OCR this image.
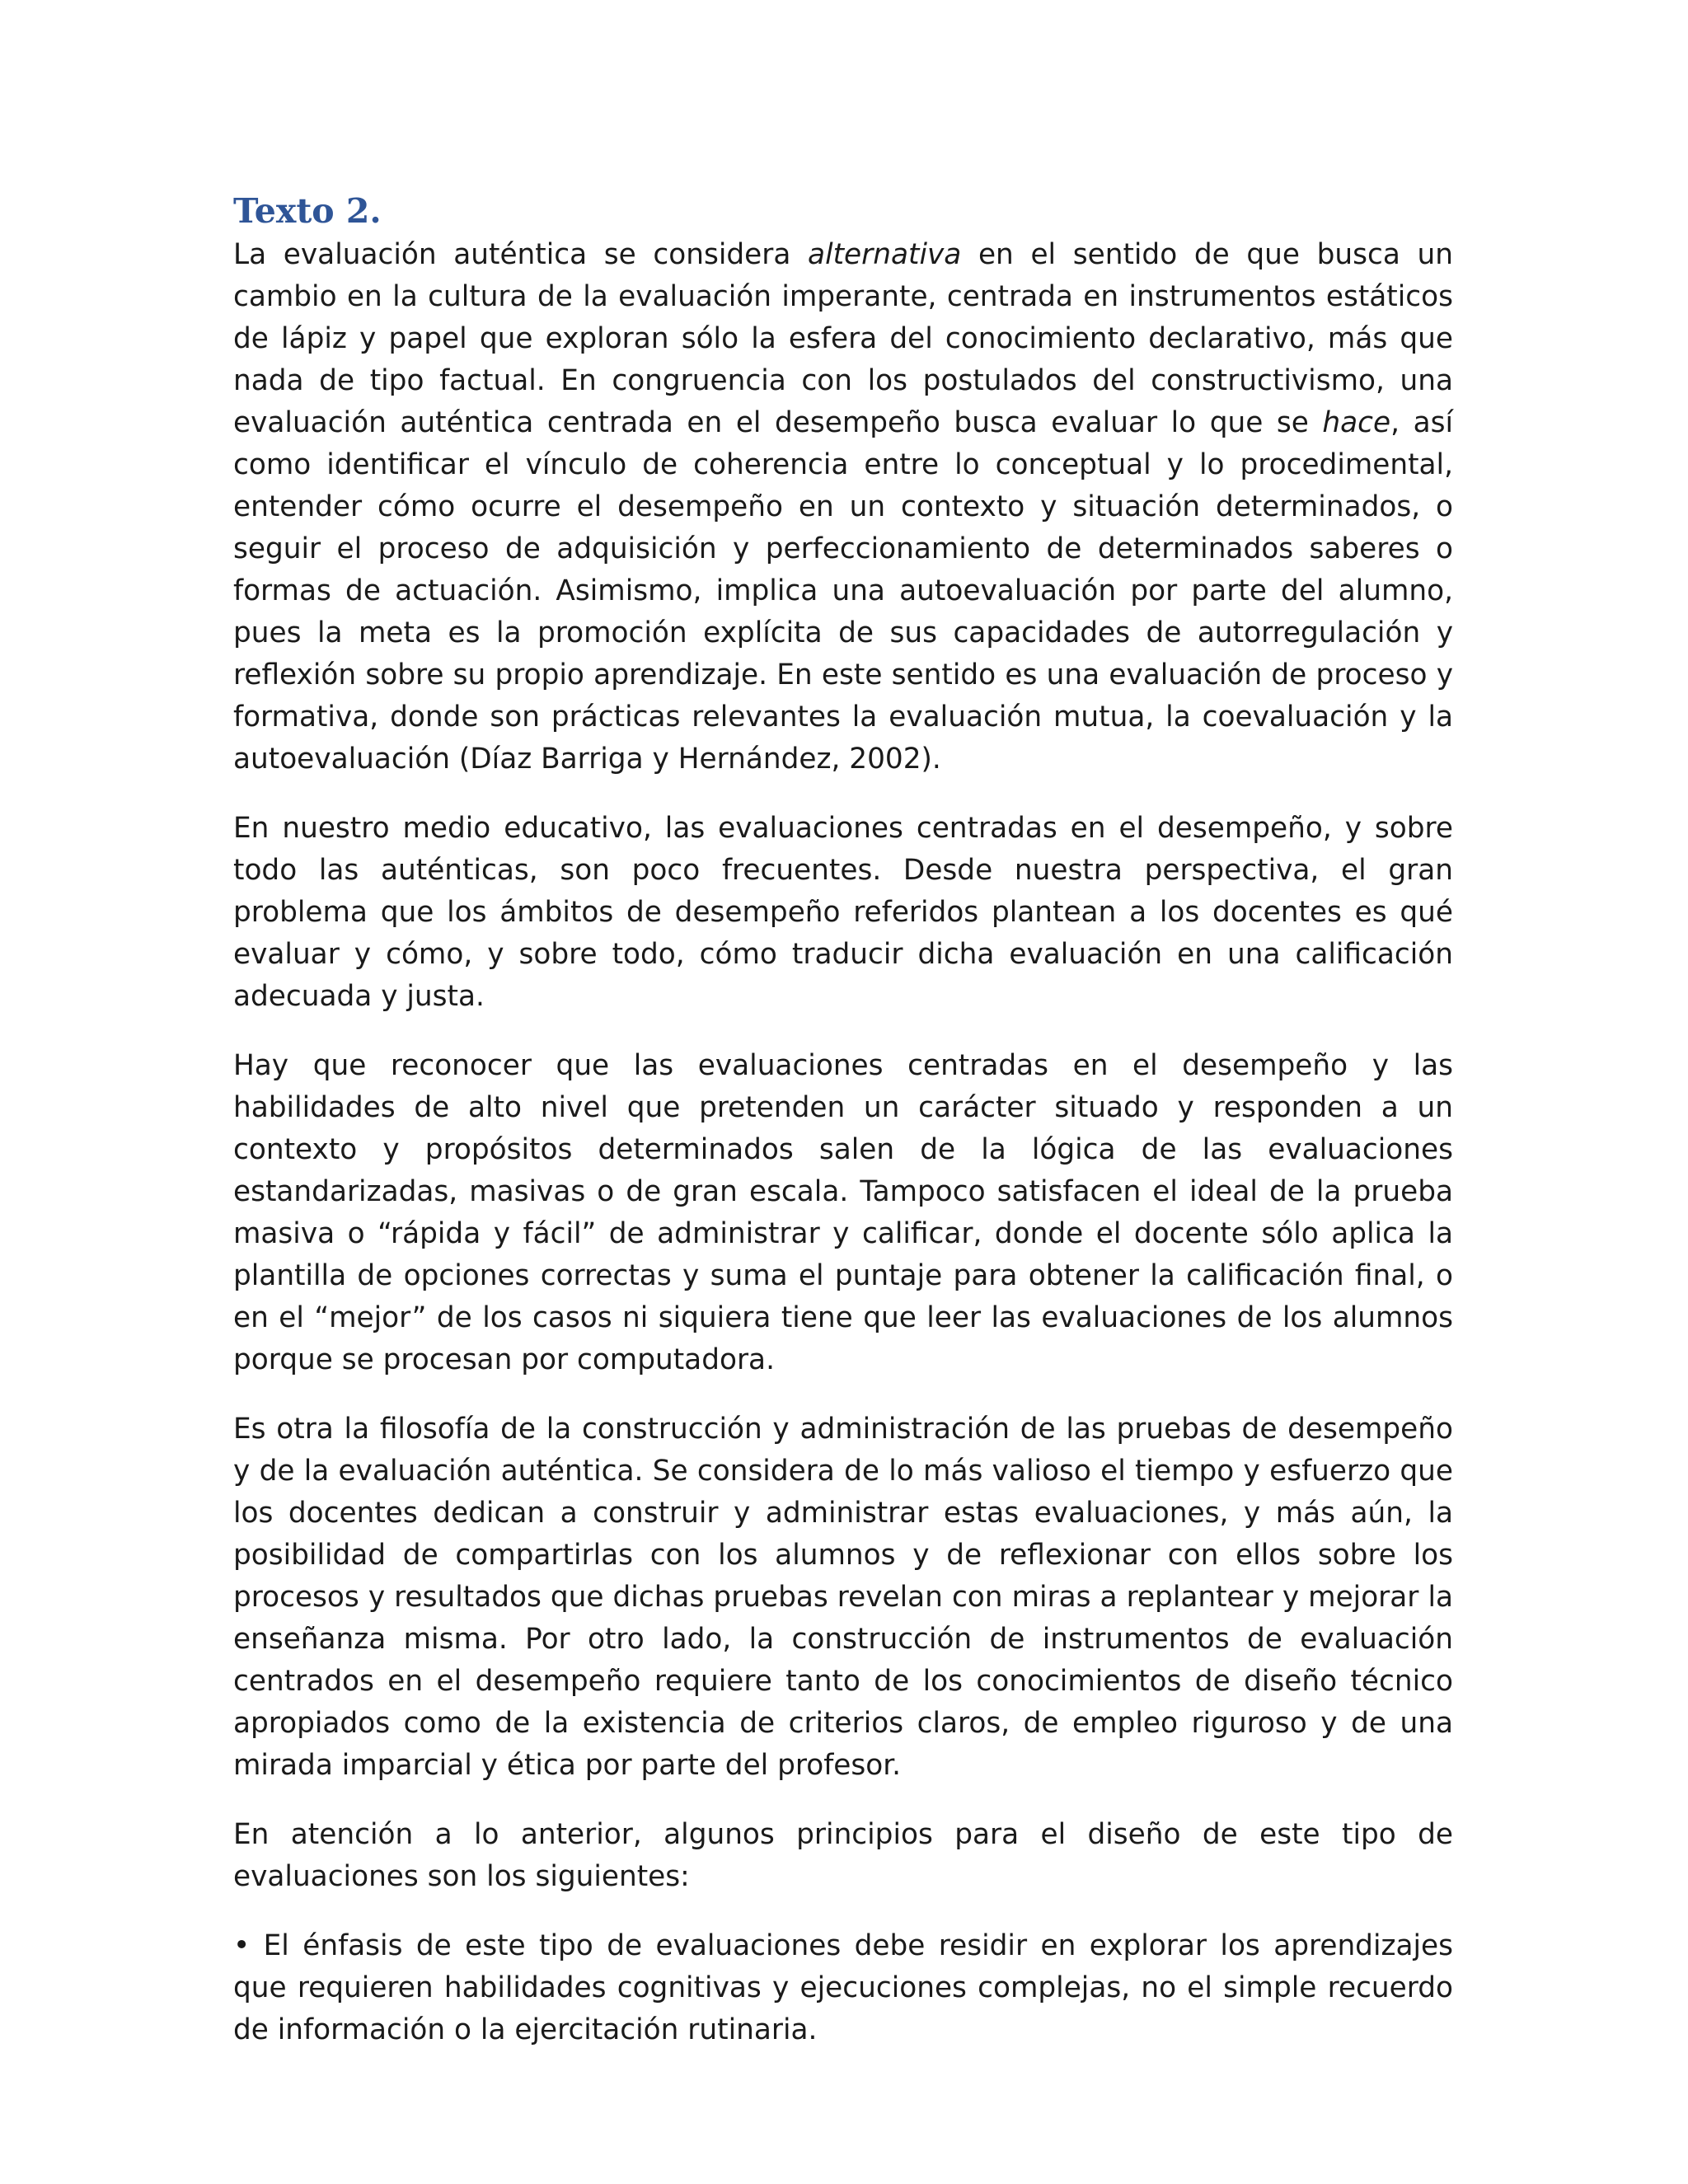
Texto 2.

La evaluación auténtica se considera alternativa en el sentido de que busca un cambio en la cultura de la evaluación imperante, centrada en instrumentos estáticos de lápiz y papel que exploran sólo la esfera del conocimiento declarativo, más que nada de tipo factual. En congruencia con los postulados del constructivismo, una evaluación auténtica centrada en el desempeño busca evaluar lo que se hace, así como identificar el vínculo de coherencia entre lo conceptual y lo procedimental, entender cómo ocurre el desempeño en un contexto y situación determinados, o seguir el proceso de adquisición y perfeccionamiento de determinados saberes o formas de actuación. Asimismo, implica una autoevaluación por parte del alumno, pues la meta es la promoción explícita de sus capacidades de autorregulación y reflexión sobre su propio aprendizaje. En este sentido es una evaluación de proceso y formativa, donde son prácticas relevantes la evaluación mutua, la coevaluación y la autoevaluación (Díaz Barriga y Hernández, 2002).

En nuestro medio educativo, las evaluaciones centradas en el desempeño, y sobre todo las auténticas, son poco frecuentes. Desde nuestra perspectiva, el gran problema que los ámbitos de desempeño referidos plantean a los docentes es qué evaluar y cómo, y sobre todo, cómo traducir dicha evaluación en una calificación adecuada y justa.

Hay que reconocer que las evaluaciones centradas en el desempeño y las habilidades de alto nivel que pretenden un carácter situado y responden a un contexto y propósitos determinados salen de la lógica de las evaluaciones estandarizadas, masivas o de gran escala. Tampoco satisfacen el ideal de la prueba masiva o “rápida y fácil” de administrar y calificar, donde el docente sólo aplica la plantilla de opciones correctas y suma el puntaje para obtener la calificación final, o en el “mejor” de los casos ni siquiera tiene que leer las evaluaciones de los alumnos porque se procesan por computadora.

Es otra la filosofía de la construcción y administración de las pruebas de desempeño y de la evaluación auténtica. Se considera de lo más valioso el tiempo y esfuerzo que los docentes dedican a construir y administrar estas evaluaciones, y más aún, la posibilidad de compartirlas con los alumnos y de reflexionar con ellos sobre los procesos y resultados que dichas pruebas revelan con miras a replantear y mejorar la enseñanza misma. Por otro lado, la construcción de instrumentos de evaluación centrados en el desempeño requiere tanto de los conocimientos de diseño técnico apropiados como de la existencia de criterios claros, de empleo riguroso y de una mirada imparcial y ética por parte del profesor.

En atención a lo anterior, algunos principios para el diseño de este tipo de evaluaciones son los siguientes:

• El énfasis de este tipo de evaluaciones debe residir en explorar los aprendizajes que requieren habilidades cognitivas y ejecuciones complejas, no el simple recuerdo de información o la ejercitación rutinaria.
